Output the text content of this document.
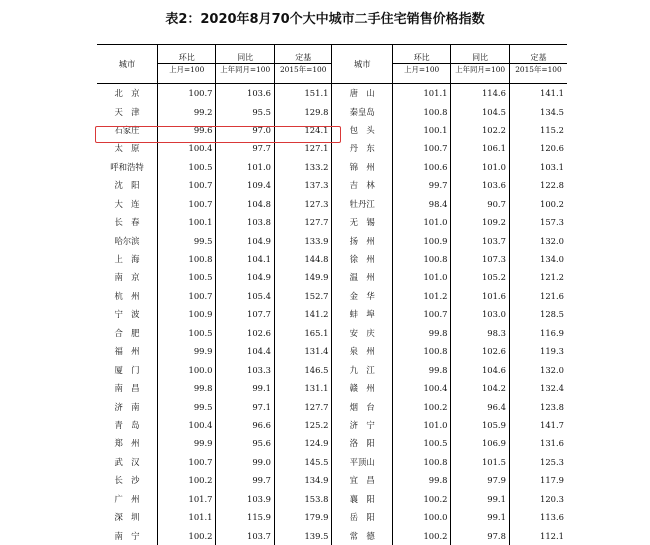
表2：2020年8月70个大中城市二手住宅销售价格指数
城市	环比	同比	定基	城市	环比	同比	定基
	上月=100	上年同月=100	2015年=100		上月=100	上年同月=100	2015年=100
北　京	100.7	103.6	151.1	唐　山	101.1	114.6	141.1
天　津	99.2	95.5	129.8	秦皇岛	100.8	104.5	134.5
石家庄	99.6	97.0	124.1	包　头	100.1	102.2	115.2
太　原	100.4	97.7	127.1	丹　东	100.7	106.1	120.6
呼和浩特	100.5	101.0	133.2	锦　州	100.6	101.0	103.1
沈　阳	100.7	109.4	137.3	吉　林	99.7	103.6	122.8
大　连	100.7	104.8	127.3	牡丹江	98.4	90.7	100.2
长　春	100.1	103.8	127.7	无　锡	101.0	109.2	157.3
哈尔滨	99.5	104.9	133.9	扬　州	100.9	103.7	132.0
上　海	100.8	104.1	144.8	徐　州	100.8	107.3	134.0
南　京	100.5	104.9	149.9	温　州	101.0	105.2	121.2
杭　州	100.7	105.4	152.7	金　华	101.2	101.6	121.6
宁　波	100.9	107.7	141.2	蚌　埠	100.7	103.0	128.5
合　肥	100.5	102.6	165.1	安　庆	99.8	98.3	116.9
福　州	99.9	104.4	131.4	泉　州	100.8	102.6	119.3
厦　门	100.0	103.3	146.5	九　江	99.8	104.6	132.0
南　昌	99.8	99.1	131.1	赣　州	100.4	104.2	132.4
济　南	99.5	97.1	127.7	烟　台	100.2	96.4	123.8
青　岛	100.4	96.6	125.2	济　宁	101.0	105.9	141.7
郑　州	99.9	95.6	124.9	洛　阳	100.5	106.9	131.6
武　汉	100.7	99.0	145.5	平顶山	100.8	101.5	125.3
长　沙	100.2	99.7	134.9	宜　昌	99.8	97.9	117.9
广　州	101.7	103.9	153.8	襄　阳	100.2	99.1	120.3
深　圳	101.1	115.9	179.9	岳　阳	100.0	99.1	113.6
南　宁	100.2	103.7	139.5	常　德	100.2	97.8	112.1
